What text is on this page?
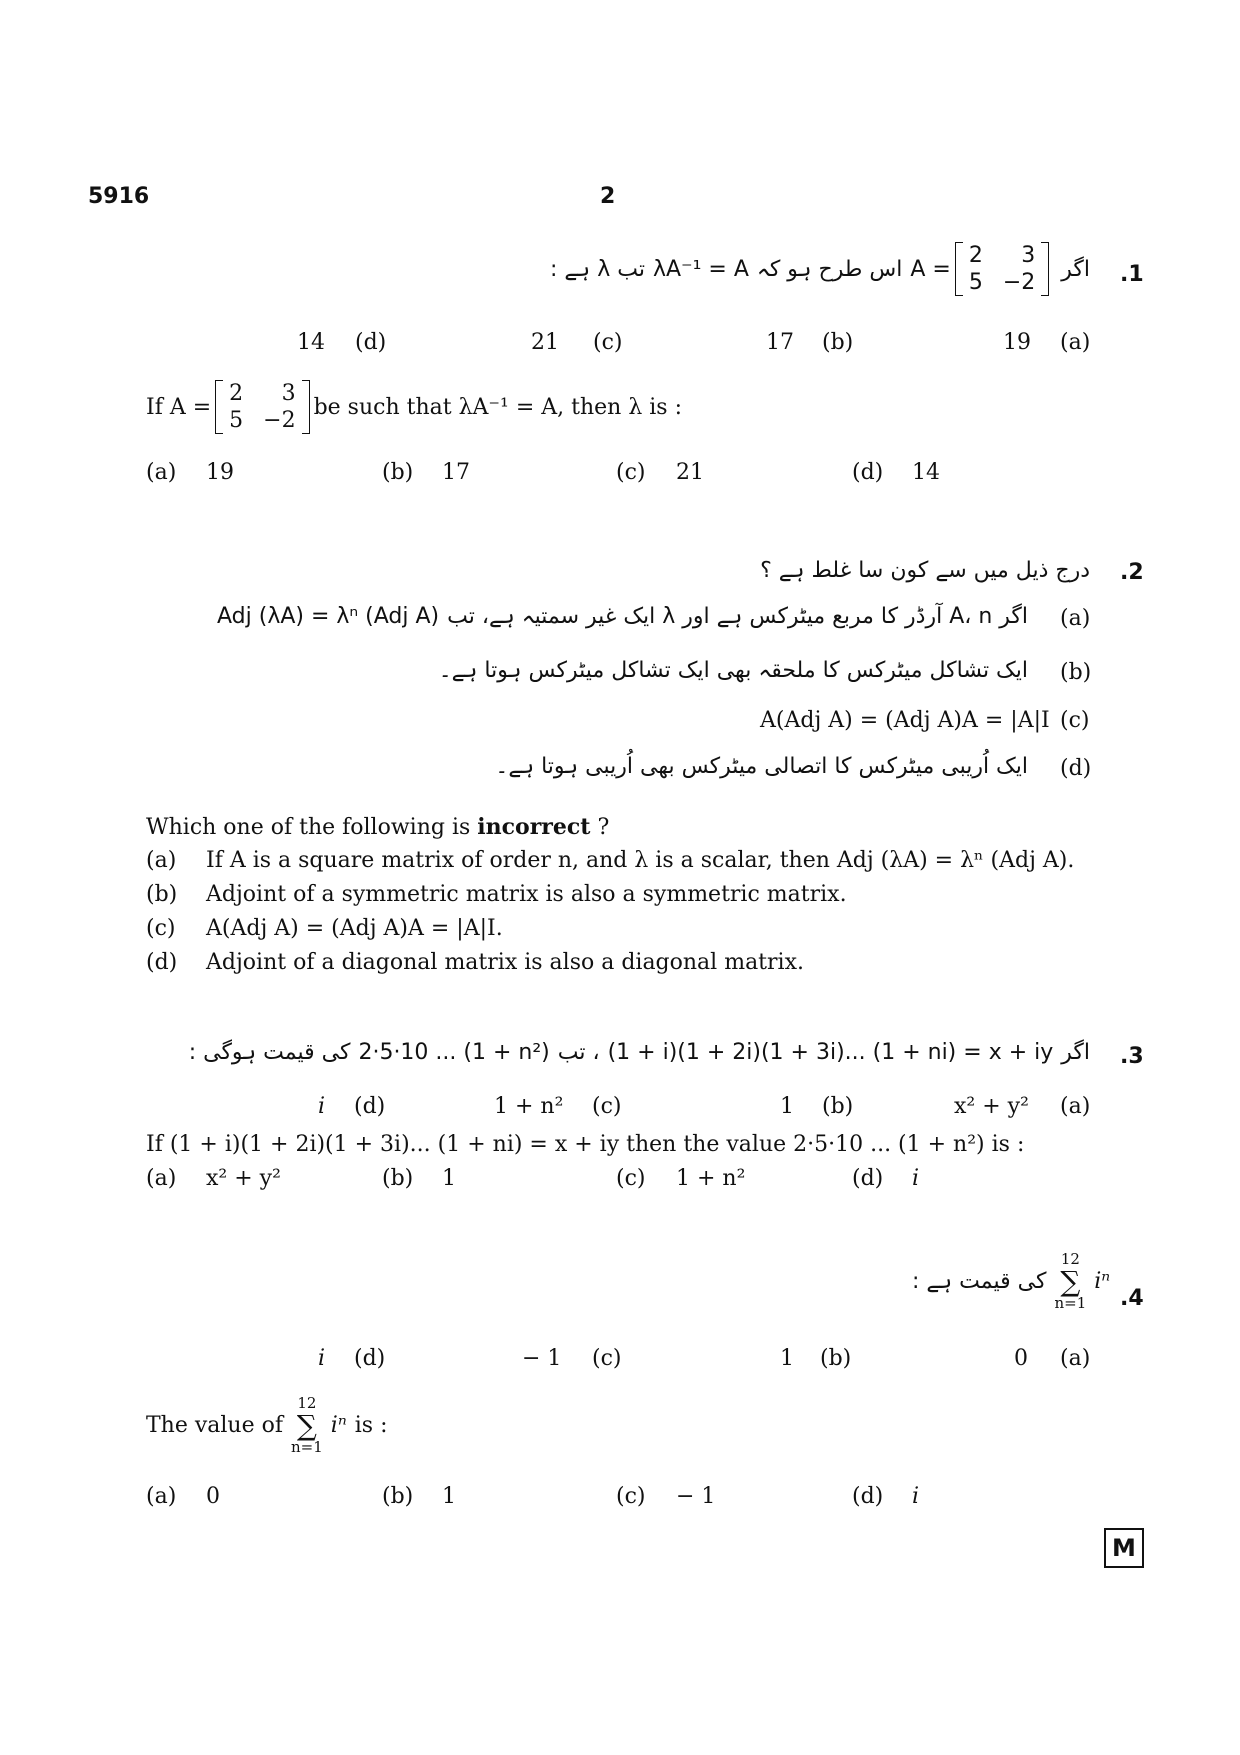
5916	2
.1
اگر
A =
2	3
5 −2
اس طرح ہو کہ
λA⁻¹ = A
تب λ ہے :
(a)
19
(b)
17
(c)
21
(d)
14
If A =
2	3
5 −2
be such that λA⁻¹ = A, then λ is :
(a) 19	(b) 17	(c) 21	(d) 14
.2
درج ذیل میں سے کون سا غلط ہے ؟
(a)
اگر A، n آرڈر کا مربع میٹرکس ہے اور λ ایک غیر سمتیہ ہے، تب
Adj (λA) = λⁿ (Adj A)
(b)
ایک تشاکل میٹرکس کا ملحقہ بھی ایک تشاکل میٹرکس ہوتا ہے۔
(c)
A(Adj A) = (Adj A)A = |A|I
(d)
ایک اُریبی میٹرکس کا اتصالی میٹرکس بھی اُریبی ہوتا ہے۔
Which one of the following is incorrect ?
(a) If A is a square matrix of order n, and λ is a scalar, then Adj (λA) = λⁿ (Adj A).
(b) Adjoint of a symmetric matrix is also a symmetric matrix.
(c) A(Adj A) = (Adj A)A = |A|I.
(d) Adjoint of a diagonal matrix is also a diagonal matrix.
.3
اگر
(1 + i)(1 + 2i)(1 + 3i)... (1 + ni) = x + iy
، تب
2·5·10 ... (1 + n²)
کی قیمت ہوگی :
(a)
x² + y²
(b)
1
(c)
1 + n²
(d)
i
If (1 + i)(1 + 2i)(1 + 3i)... (1 + ni) = x + iy then the value 2·5·10 ... (1 + n²) is :
(a) x² + y²	(b) 1	(c) 1 + n²	(d) i
.4
کی قیمت ہے :
12
∑
n=1
iⁿ
(a)
0
(b)
1
(c)
− 1
(d)
i
The value of
12
∑
n=1
iⁿ is :
(a) 0	(b) 1	(c) − 1	(d) i
M
